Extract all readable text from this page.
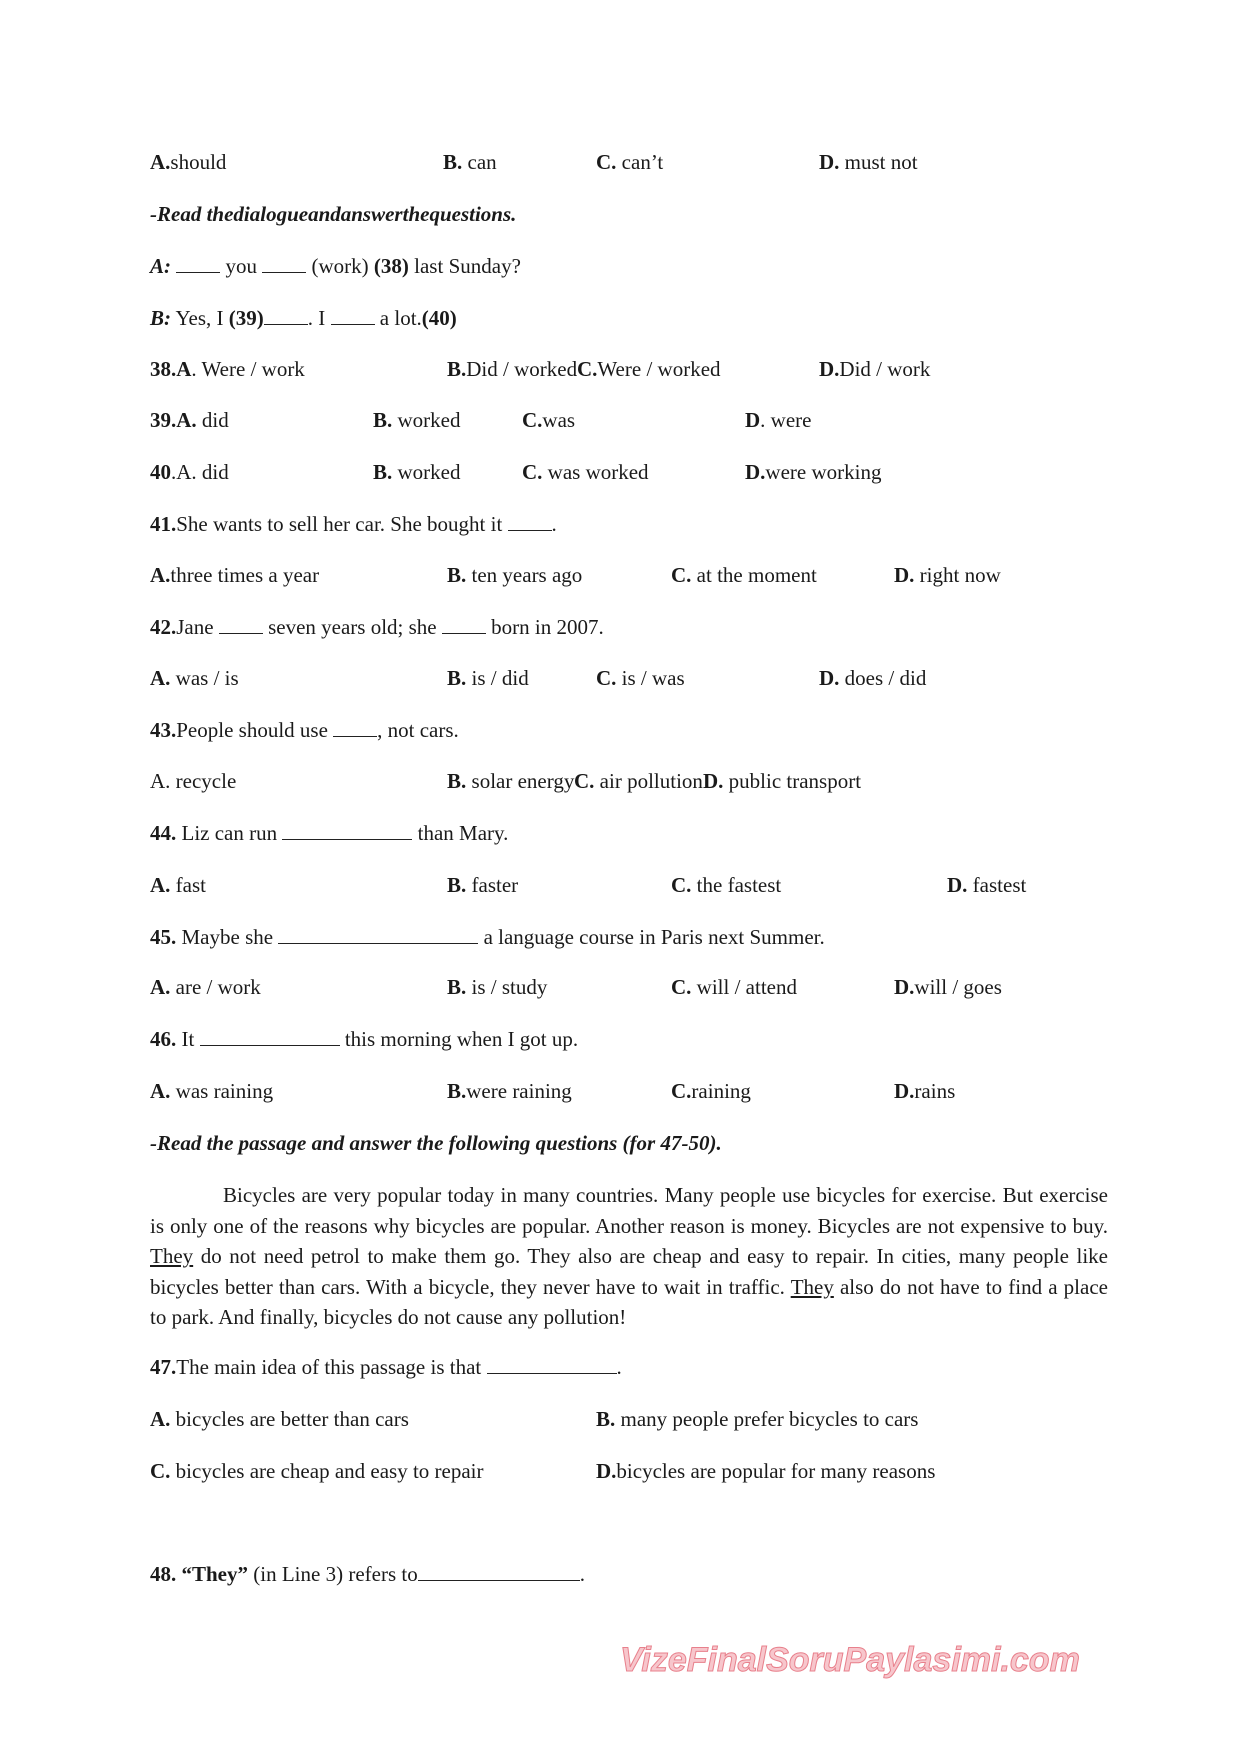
VizeFinalSoruPaylasimi.com
A.should	B. can	C. can’t	D. must not
-Read thedialogueandanswerthequestions.
A:	you	(work) (38) last Sunday?
B: Yes, I (39) . I	a lot.(40)
38.A. Were / work	B.Did / worked C.Were / worked	D.Did / work
39.A. did	B. worked	C.was	D. were
40.A. did	B. worked	C. was worked	D.were working
A.three times a year	B. ten years ago	C. at the moment	D. right now
A. was / is	B. is / did	C. is / was	D. does / did
A. recycle	B. solar energy C. air pollution D. public transport
A. fast	B. faster	C. the fastest	D. fastest
A. are / work	B. is / study	C. will / attend	D.will / goes
A. was raining	B.were raining	C.raining	D.rains
A. bicycles are better than cars	B. many people prefer bicycles to cars
C. bicycles are cheap and easy to repair	D.bicycles are popular for many reasons
41.She wants to sell her car. She bought it .
42.Jane	seven years old; she	born in 2007.
43.People should use , not cars.
44. Liz can run	than Mary.
45. Maybe she	a language course in Paris next Summer.
46. It	this morning when I got up.
-Read the passage and answer the following questions (for 47-50).
Bicycles are very popular today in many countries. Many people use bicycles for exercise. But exercise is only one of the reasons why bicycles are popular. Another reason is money. Bicycles are not expensive to buy. They do not need petrol to make them go. They also are cheap and easy to repair. In cities, many people like bicycles better than cars. With a bicycle, they never have to wait in traffic. They also do not have to find a place to park. And finally, bicycles do not cause any pollution!
47.The main idea of this passage is that	.
48. “They” (in Line 3) refers to	.
